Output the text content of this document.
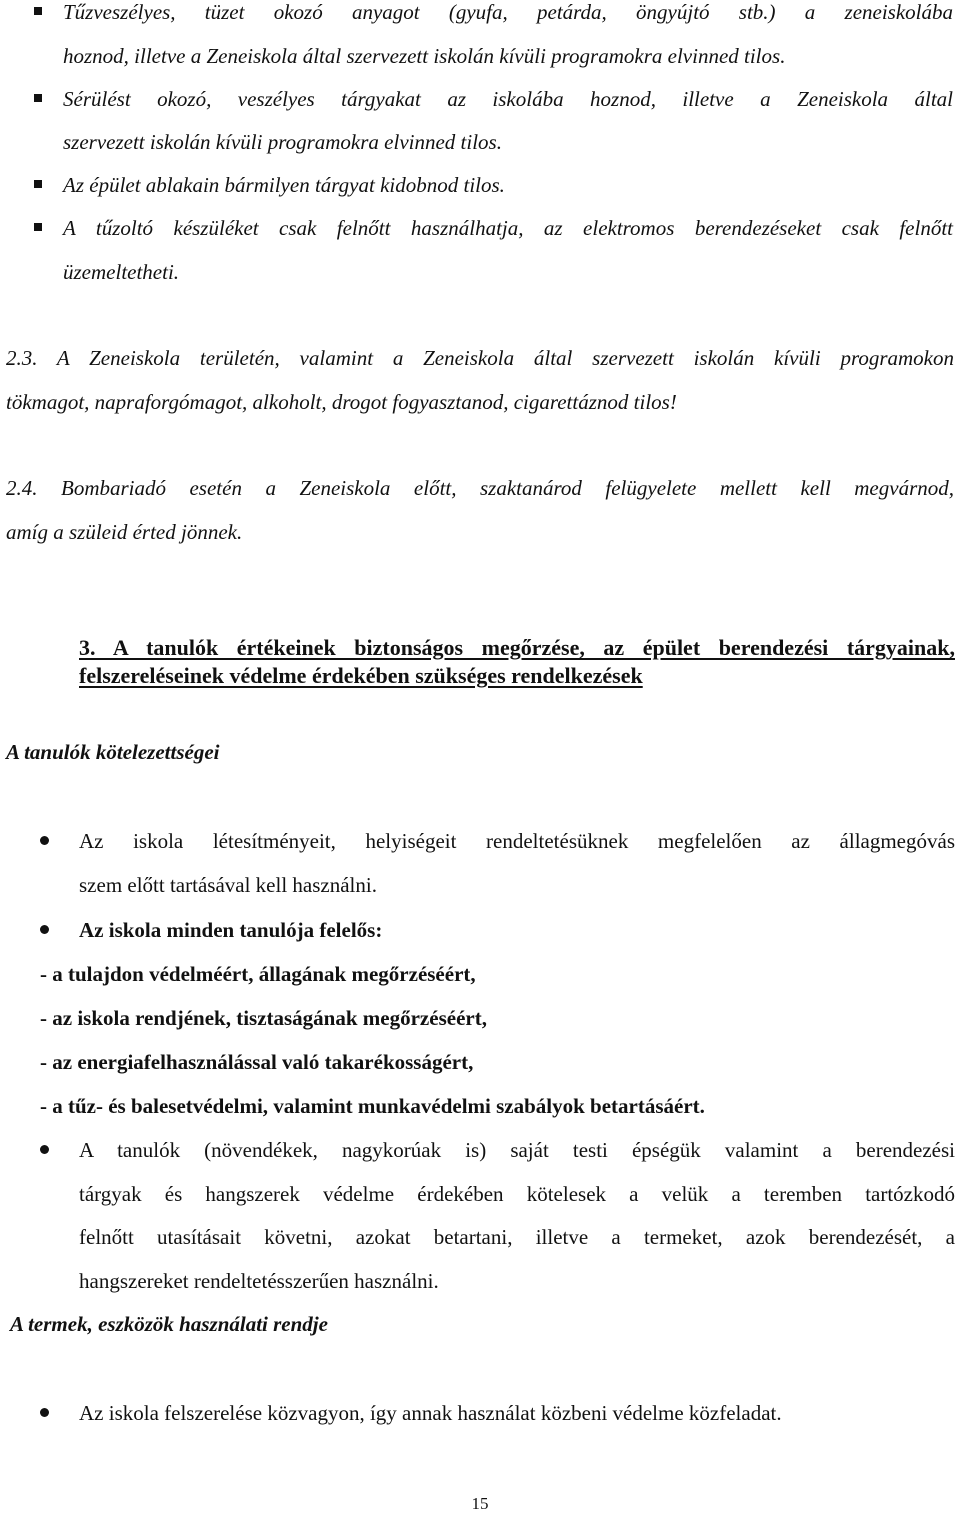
Tűzveszélyes, tüzet okozó anyagot (gyufa, petárda, öngyújtó stb.) a zeneiskolába
hoznod, illetve a Zeneiskola által szervezett iskolán kívüli programokra elvinned tilos.
Sérülést okozó, veszélyes tárgyakat az iskolába hoznod, illetve a Zeneiskola által
szervezett iskolán kívüli programokra elvinned tilos.
Az épület ablakain bármilyen tárgyat kidobnod tilos.
A tűzoltó készüléket csak felnőtt használhatja, az elektromos berendezéseket csak felnőtt
üzemeltetheti.
2.3. A Zeneiskola területén, valamint a Zeneiskola által szervezett iskolán kívüli programokon
tökmagot, napraforgómagot, alkoholt, drogot fogyasztanod, cigarettáznod tilos!
2.4. Bombariadó esetén a Zeneiskola előtt, szaktanárod felügyelete mellett kell megvárnod,
amíg a szüleid érted jönnek.
3. A tanulók értékeinek biztonságos megőrzése, az épület berendezési tárgyainak,
felszereléseinek védelme érdekében szükséges rendelkezések
A tanulók kötelezettségei
Az iskola létesítményeit, helyiségeit rendeltetésüknek megfelelően az állagmegóvás
szem előtt tartásával kell használni.
Az iskola minden tanulója felelős:
- a tulajdon védelméért, állagának megőrzéséért,
- az iskola rendjének, tisztaságának megőrzéséért,
- az energiafelhasználással való takarékosságért,
- a tűz- és balesetvédelmi, valamint munkavédelmi szabályok betartásáért.
A tanulók (növendékek, nagykorúak is) saját testi épségük valamint a berendezési
tárgyak és hangszerek védelme érdekében kötelesek a velük a teremben tartózkodó
felnőtt utasításait követni, azokat betartani, illetve a termeket, azok berendezését, a
hangszereket rendeltetésszerűen használni.
A termek, eszközök használati rendje
Az iskola felszerelése közvagyon, így annak használat közbeni védelme közfeladat.
15
